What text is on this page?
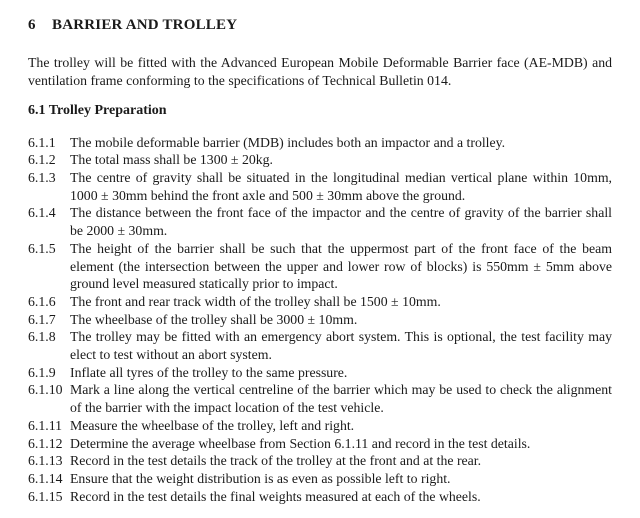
6	BARRIER AND TROLLEY

The trolley will be fitted with the Advanced European Mobile Deformable Barrier face (AE-MDB) and ventilation frame conforming to the specifications of Technical Bulletin 014.

6.1 Trolley Preparation
6.1.1	The mobile deformable barrier (MDB) includes both an impactor and a trolley.
6.1.2	The total mass shall be 1300 ± 20kg.
6.1.3	The centre of gravity shall be situated in the longitudinal median vertical plane within 10mm, 1000 ± 30mm behind the front axle and 500 ± 30mm above the ground.
6.1.4	The distance between the front face of the impactor and the centre of gravity of the barrier shall be 2000 ± 30mm.
6.1.5	The height of the barrier shall be such that the uppermost part of the front face of the beam element (the intersection between the upper and lower row of blocks) is 550mm ± 5mm above ground level measured statically prior to impact.
6.1.6	The front and rear track width of the trolley shall be 1500 ± 10mm.
6.1.7	The wheelbase of the trolley shall be 3000 ± 10mm.
6.1.8	The trolley may be fitted with an emergency abort system. This is optional, the test facility may elect to test without an abort system.
6.1.9	Inflate all tyres of the trolley to the same pressure.
6.1.10 Mark a line along the vertical centreline of the barrier which may be used to check the alignment of the barrier with the impact location of the test vehicle.
6.1.11 Measure the wheelbase of the trolley, left and right.
6.1.12 Determine the average wheelbase from Section 6.1.11 and record in the test details.
6.1.13 Record in the test details the track of the trolley at the front and at the rear.
6.1.14 Ensure that the weight distribution is as even as possible left to right.
6.1.15 Record in the test details the final weights measured at each of the wheels.
